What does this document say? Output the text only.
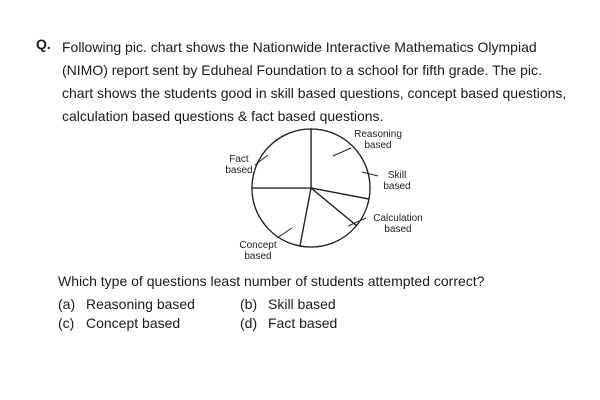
Q. Following pic. chart shows the Nationwide Interactive Mathematics Olympiad
(NIMO) report sent by Eduheal Foundation to a school for fifth grade. The pic.
chart shows the students good in skill based questions, concept based questions,
calculation based questions & fact based questions.
Reasoning
based
Skill
based
Calculation
based
Concept
based
Fact
based
Which type of questions least number of students attempted correct?
(a) Reasoning based	(b) Skill based
(c) Concept based	(d) Fact based
